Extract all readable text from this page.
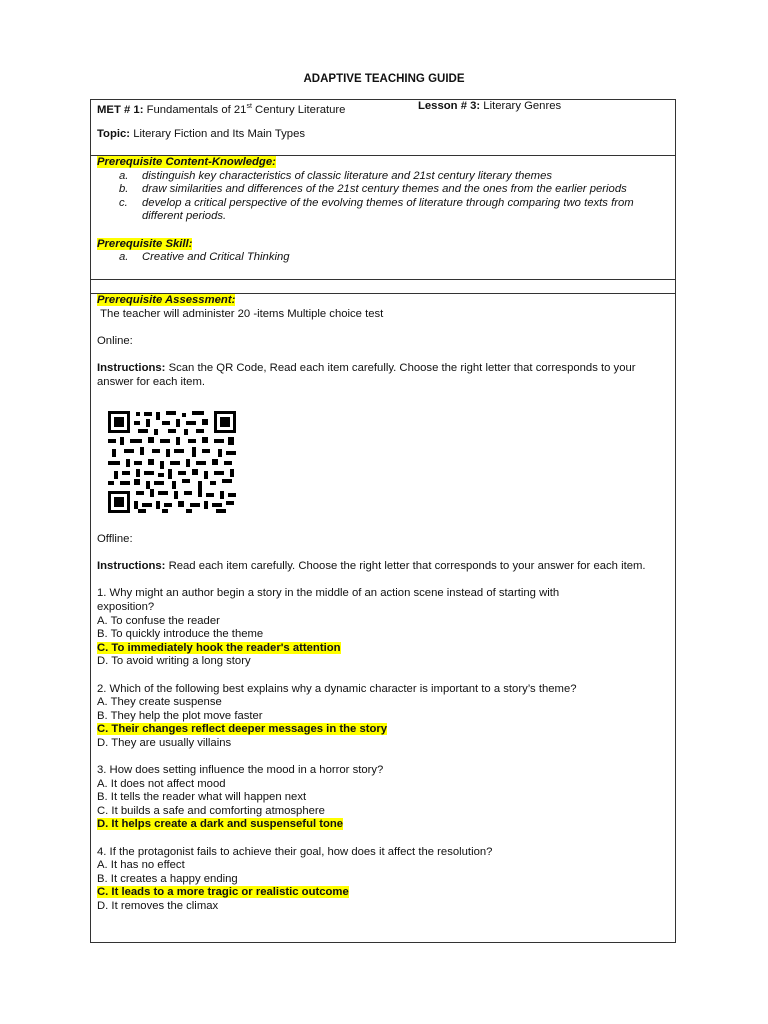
ADAPTIVE TEACHING GUIDE
MET # 1: Fundamentals of 21st Century Literature	Lesson # 3: Literary Genres
Topic: Literary Fiction and Its Main Types
Prerequisite Content-Knowledge:
a. distinguish key characteristics of classic literature and 21st century literary themes
b. draw similarities and differences of the 21st century themes and the ones from the earlier periods
c. develop a critical perspective of the evolving themes of literature through comparing two texts from different periods.
Prerequisite Skill:
a. Creative and Critical Thinking
Prerequisite Assessment:
The teacher will administer 20 -items Multiple choice test
Online:
Instructions: Scan the QR Code, Read each item carefully. Choose the right letter that corresponds to your answer for each item.
Offline:
Instructions: Read each item carefully. Choose the right letter that corresponds to your answer for each item.
1. Why might an author begin a story in the middle of an action scene instead of starting with
exposition?
A. To confuse the reader
B. To quickly introduce the theme
C. To immediately hook the reader's attention
D. To avoid writing a long story
2. Which of the following best explains why a dynamic character is important to a story’s theme?
A. They create suspense
B. They help the plot move faster
C. Their changes reflect deeper messages in the story
D. They are usually villains
3. How does setting influence the mood in a horror story?
A. It does not affect mood
B. It tells the reader what will happen next
C. It builds a safe and comforting atmosphere
D. It helps create a dark and suspenseful tone
4. If the protagonist fails to achieve their goal, how does it affect the resolution?
A. It has no effect
B. It creates a happy ending
C. It leads to a more tragic or realistic outcome
D. It removes the climax
